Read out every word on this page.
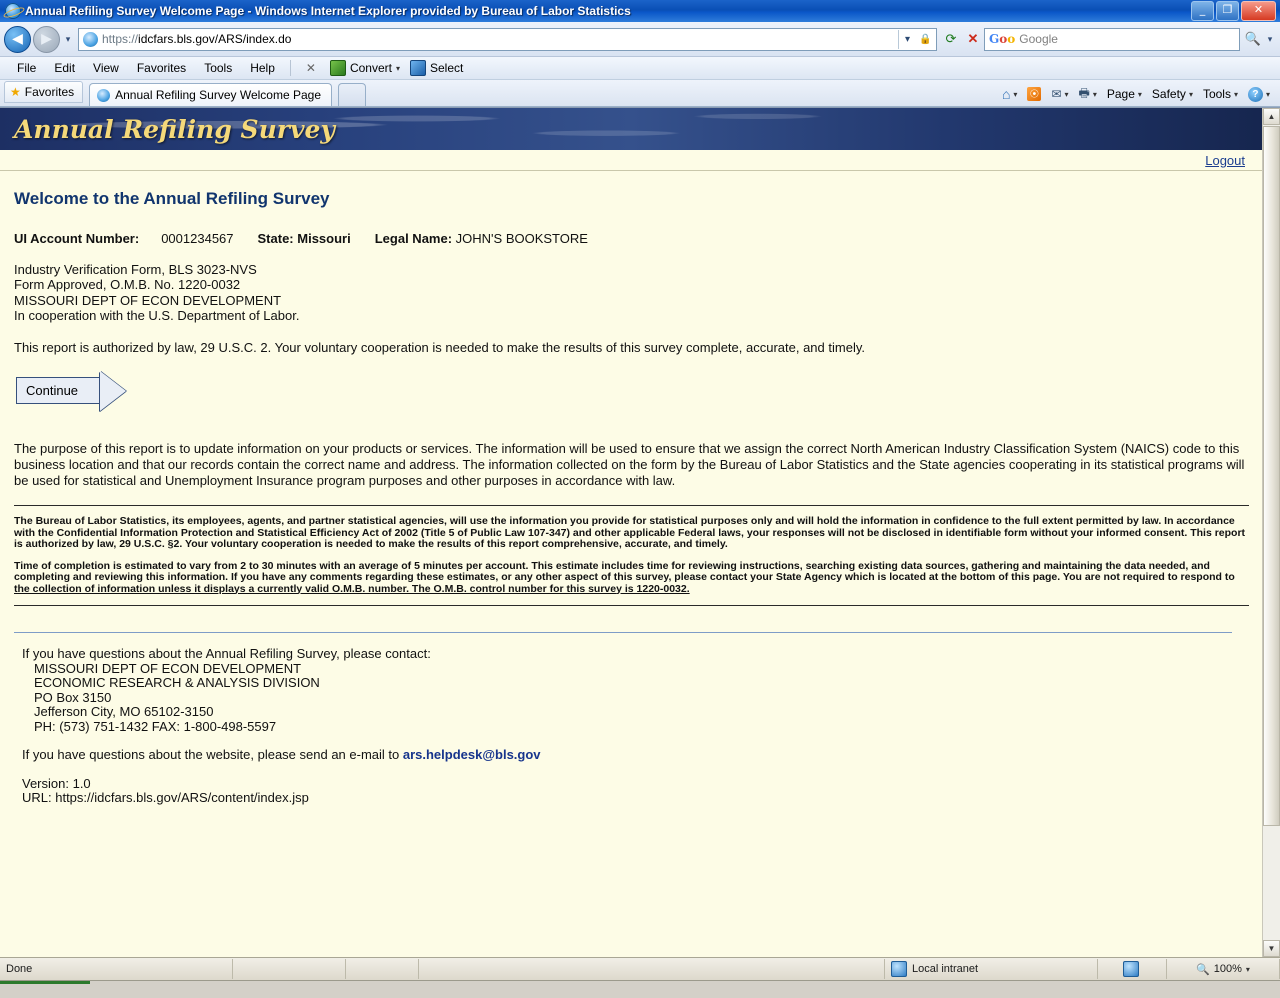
Annual Refiling Survey Welcome Page - Windows Internet Explorer provided by Bureau of Labor Statistics	_	❐	✕
◀	▶	▾	https://idcfars.bls.gov/ARS/index.do	▾ 🔒	⟳ ✕ Goo Google	🔍 ▾
File	Edit	View	Favorites	Tools	Help	✕	Convert ▾	Select
★ Favorites	Annual Refiling Survey Welcome Page	⌂ ▾ ⦿ ✉ ▾ 🖶 ▾ Page ▾ Safety ▾ Tools ▾	? ▾
Annual Refiling Survey
Logout
Welcome to the Annual Refiling Survey
UI Account Number: 0001234567 State:
Missouri Legal Name:
JOHN'S BOOKSTORE
Industry Verification Form, BLS 3023-NVS
Form Approved, O.M.B. No. 1220-0032
MISSOURI DEPT OF ECON DEVELOPMENT
In cooperation with the U.S. Department of Labor.
This report is authorized by law, 29 U.S.C. 2. Your voluntary cooperation is needed to make the results of this survey complete, accurate, and timely.
Continue
The purpose of this report is to update information on your products or services. The information will be used to ensure that we assign the correct North American Industry Classification System (NAICS) code to this business location and that our records contain the correct name and address. The information collected on the form by the Bureau of Labor Statistics and the State agencies cooperating in its statistical programs will be used for statistical and Unemployment Insurance program purposes and other purposes in accordance with law.
The Bureau of Labor Statistics, its employees, agents, and partner statistical agencies, will use the information you provide for statistical purposes only and will hold the information in confidence to the full extent permitted by law. In accordance with the Confidential Information Protection and Statistical Efficiency Act of 2002 (Title 5 of Public Law 107-347) and other applicable Federal laws, your responses will not be disclosed in identifiable form without your informed consent. This report is authorized by law, 29 U.S.C. §2. Your voluntary cooperation is needed to make the results of this report comprehensive, accurate, and timely.
Time of completion is estimated to vary from 2 to 30 minutes with an average of 5 minutes per account. This estimate includes time for reviewing instructions, searching existing data sources, gathering and maintaining the data needed, and completing and reviewing this information. If you have any comments regarding these estimates, or any other aspect of this survey, please contact your State Agency which is located at the bottom of this page. You are not required to respond to the collection of information unless it displays a currently valid O.M.B. number. The O.M.B. control number for this survey is 1220-0032.
If you have questions about the Annual Refiling Survey, please contact:
MISSOURI DEPT OF ECON DEVELOPMENT
ECONOMIC RESEARCH & ANALYSIS DIVISION
PO Box 3150
Jefferson City, MO 65102-3150
PH: (573) 751-1432 FAX: 1-800-498-5597
If you have questions about the website, please send an e-mail to ars.helpdesk@bls.gov
Version: 1.0
URL: https://idcfars.bls.gov/ARS/content/index.jsp
▲
▼
Done	Local intranet	🔍 100% ▾
